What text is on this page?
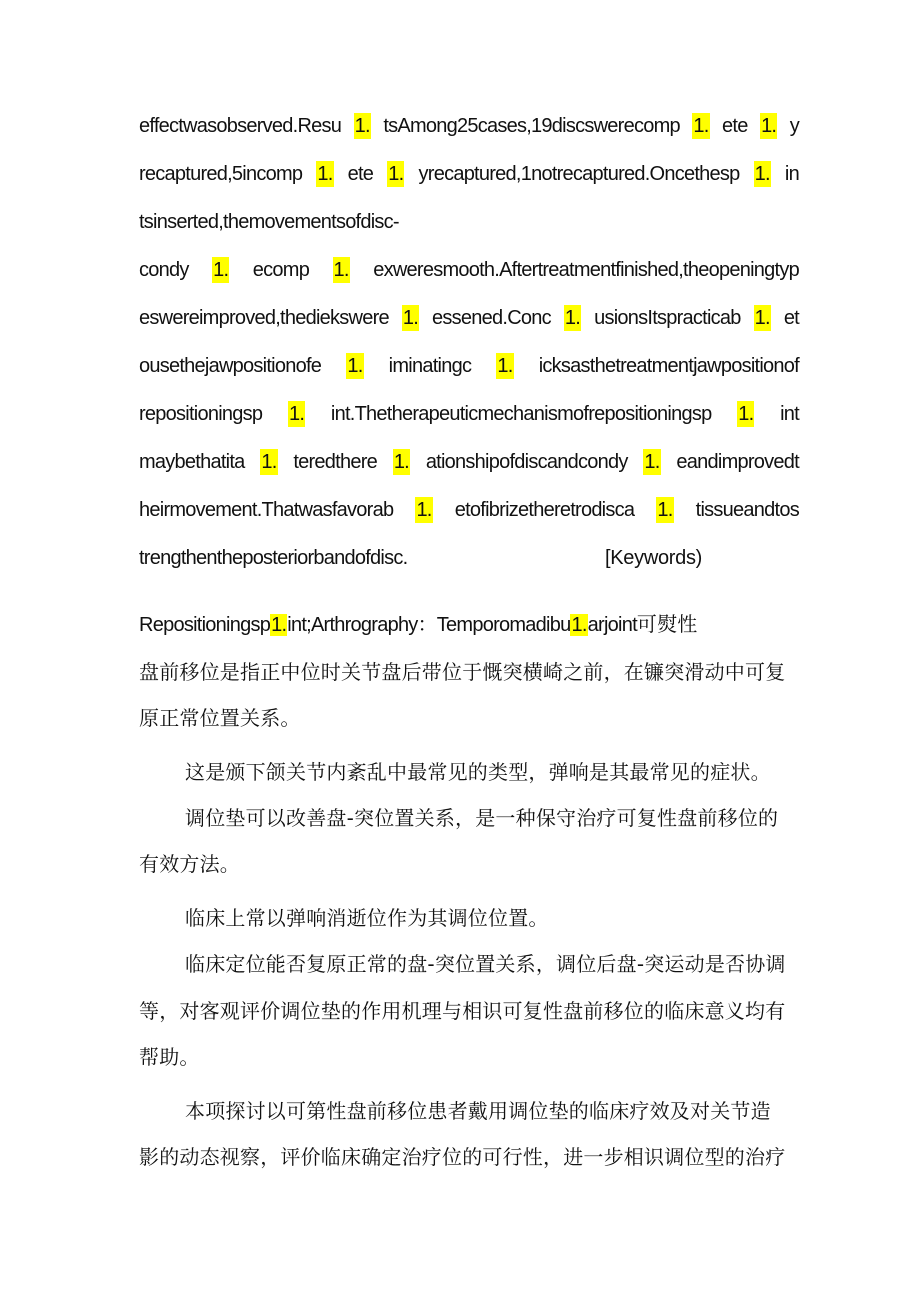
effectwasobserved.Resu 1. tsAmong25cases,19discswerecomp 1. ete 1. y
recaptured,5incomp 1. ete 1. yrecaptured,1notrecaptured.Oncethesp 1. in
tsinserted,themovementsofdisc-
condy 1. ecomp 1. exweresmooth.Aftertreatmentfinished,theopeningtyp
eswereimproved,thediekswere 1. essened.Conc 1. usionsItspracticab 1. et
ousethejawpositionofe 1. iminatingc 1. icksasthetreatmentjawpositionof
repositioningsp 1. int.Thetherapeuticmechanismofrepositioningsp 1. int
maybethatita 1. teredthere 1. ationshipofdiscandcondy 1. eandimprovedt
heirmovement.Thatwasfavorab 1. etofibrizetheretrodisca 1. tissueandtos
trengthentheposteriorbandofdisc.	[Keywords)
Repositioningsp1.int;Arthrography：Temporomadibu1.arjoint可熨性
盘前移位是指正中位时关节盘后带位于慨突横崎之前，在镰突滑动中可复
原正常位置关系。
这是颁下颌关节内紊乱中最常见的类型，弹响是其最常见的症状。
调位垫可以改善盘-突位置关系，是一种保守治疗可复性盘前移位的
有效方法。
临床上常以弹响消逝位作为其调位位置。
临床定位能否复原正常的盘-突位置关系，调位后盘-突运动是否协调
等，对客观评价调位垫的作用机理与相识可复性盘前移位的临床意义均有
帮助。
本项探讨以可第性盘前移位患者戴用调位垫的临床疗效及对关节造
影的动态视察，评价临床确定治疗位的可行性，进一步相识调位型的治疗
